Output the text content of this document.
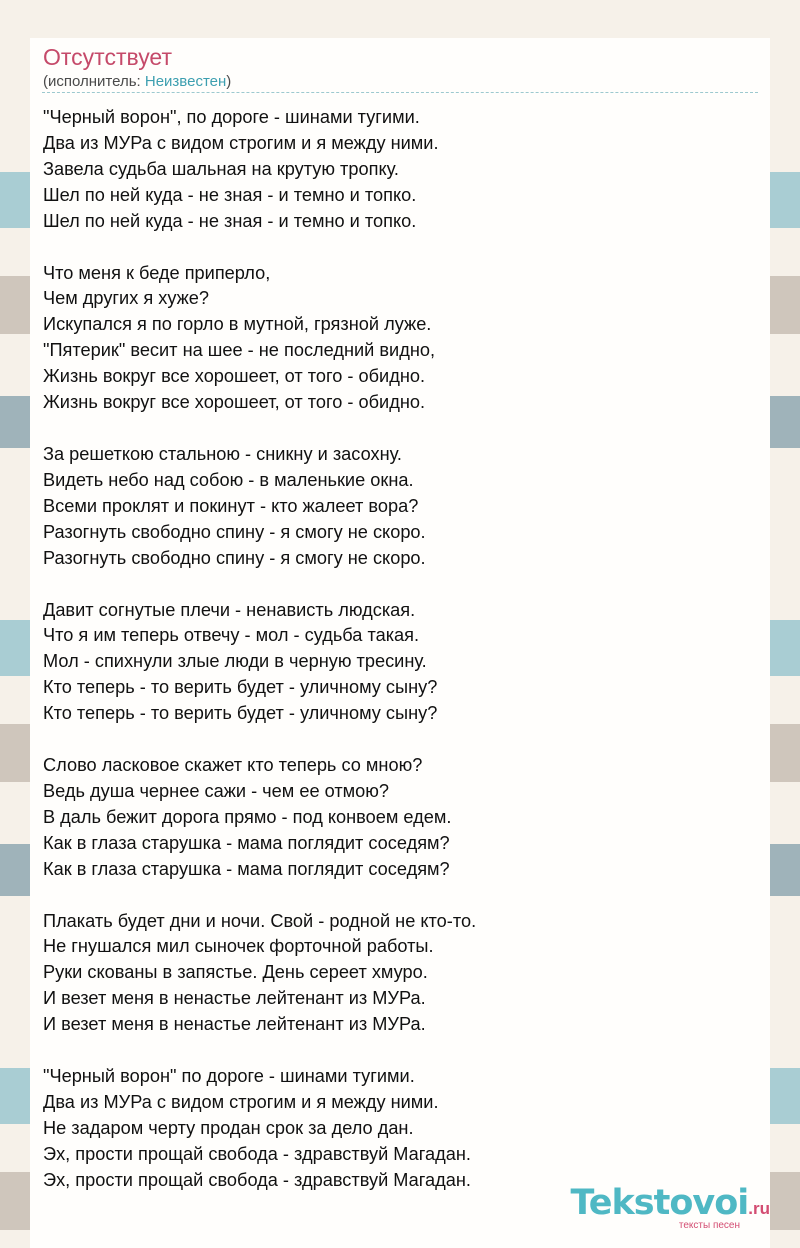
Отсутствует
(исполнитель: Неизвестен)
"Черный ворон", по дороге - шинами тугими.
Два из МУРа с видом строгим и я между ними.
Завела судьба шальная на крутую тропку.
Шел по ней куда - не зная - и темно и топко.
Шел по ней куда - не зная - и темно и топко.
Что меня к беде приперло,
Чем других я хуже?
Искупался я по горло в мутной, грязной луже.
"Пятерик" весит на шее - не последний видно,
Жизнь вокруг все хорошеет, от того - обидно.
Жизнь вокруг все хорошеет, от того - обидно.
За решеткою стальною - сникну и засохну.
Видеть небо над собою - в маленькие окна.
Всеми проклят и покинут - кто жалеет вора?
Разогнуть свободно спину - я смогу не скоро.
Разогнуть свободно спину - я смогу не скоро.
Давит согнутые плечи - ненависть людская.
Что я им теперь отвечу - мол - судьба такая.
Мол - спихнули злые люди в черную тресину.
Кто теперь - то верить будет - уличному сыну?
Кто теперь - то верить будет - уличному сыну?
Слово ласковое скажет кто теперь со мною?
Ведь душа чернее сажи - чем ее отмою?
В даль бежит дорога прямо - под конвоем едем.
Как в глаза старушка - мама поглядит соседям?
Как в глаза старушка - мама поглядит соседям?
Плакать будет дни и ночи. Свой - родной не кто-то.
Не гнушался мил сыночек форточной работы.
Руки скованы в запястье. День сереет хмуро.
И везет меня в ненастье лейтенант из МУРа.
И везет меня в ненастье лейтенант из МУРа.
"Черный ворон" по дороге - шинами тугими.
Два из МУРа с видом строгим и я между ними.
Не задаром черту продан срок за дело дан.
Эх, прости прощай свобода - здравствуй Магадан.
Эх, прости прощай свобода - здравствуй Магадан.
Tekstovoi.ru
тексты песен
